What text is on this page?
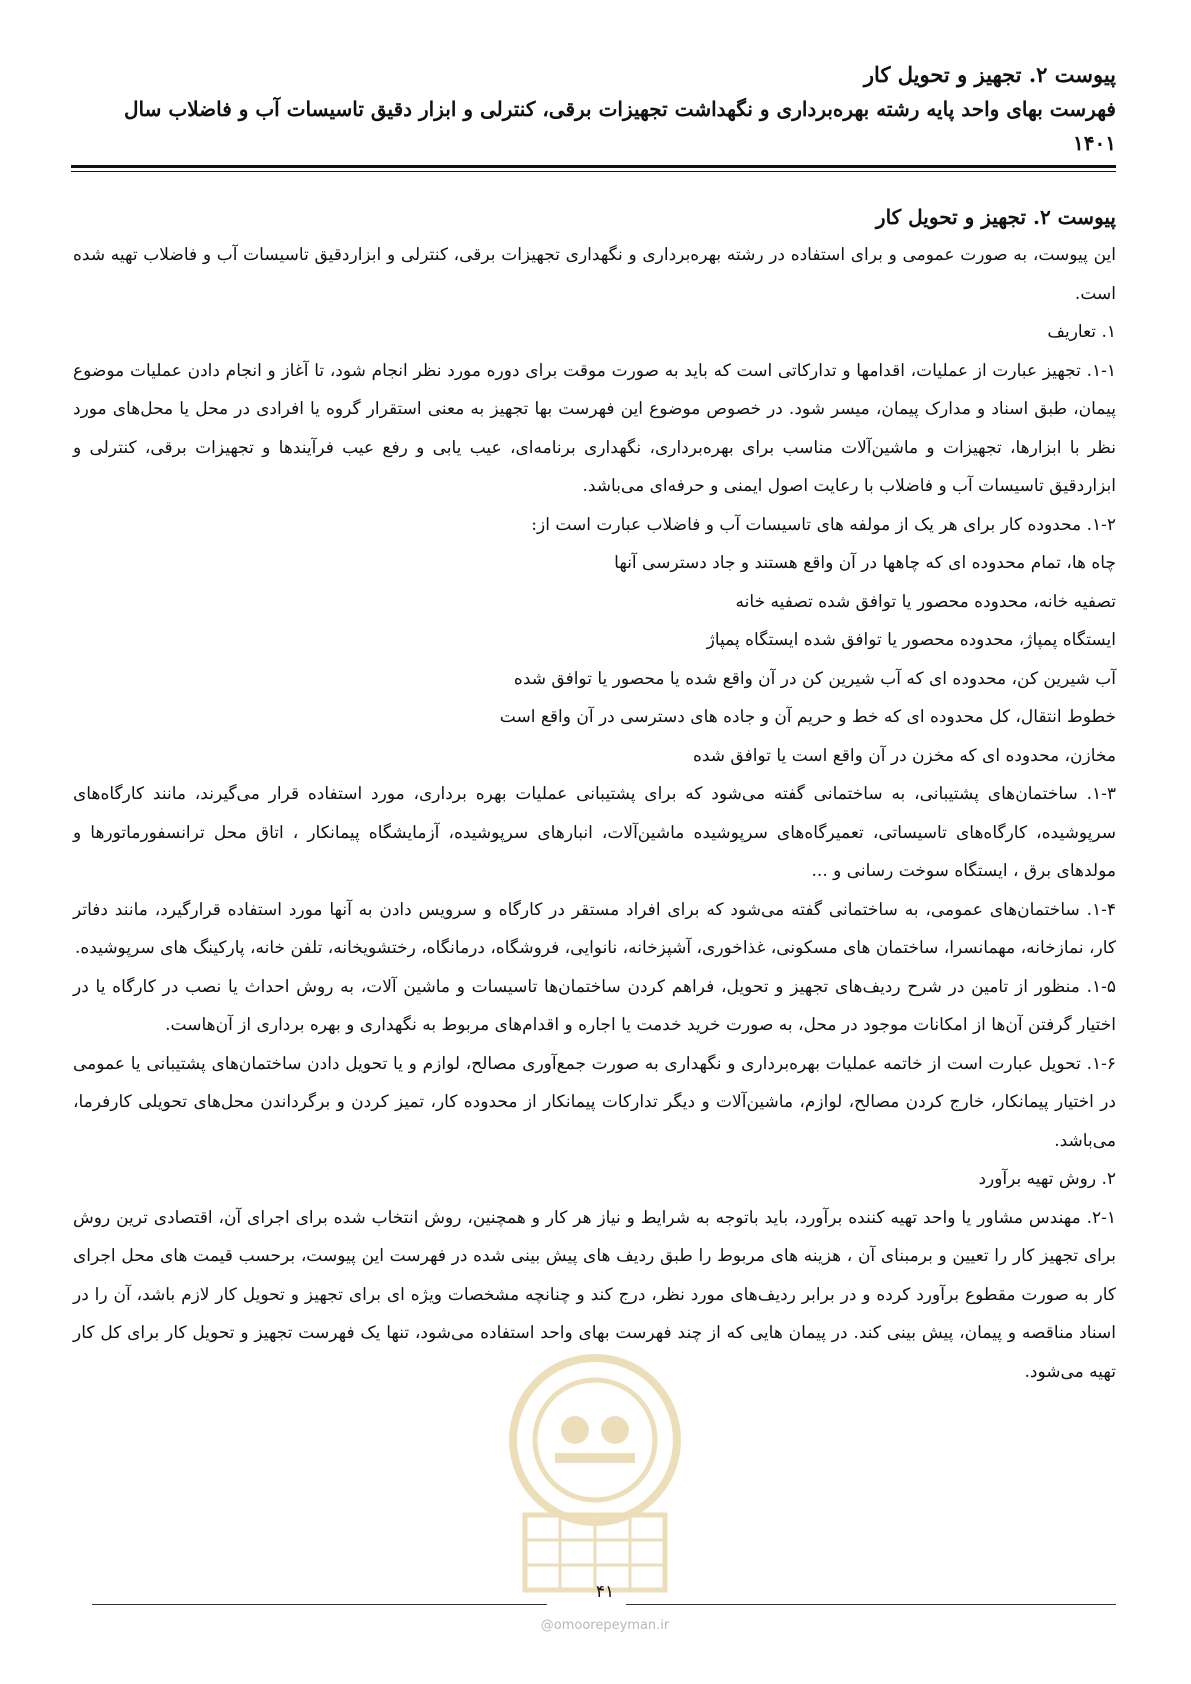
پیوست ۲. تجهیز و تحویل کار
فهرست بهای واحد پایه رشته بهره‌برداری و نگهداشت تجهیزات برقی، کنترلی و ابزار دقیق تاسیسات آب و فاضلاب سال
۱۴۰۱
پیوست ۲. تجهیز و تحویل کار

این پیوست، به صورت عمومی و برای استفاده در رشته بهره‌برداری و نگهداری تجهیزات برقی، کنترلی و ابزاردقیق تاسیسات آب و فاضلاب تهیه شده است.

۱. تعاریف

۱-۱. تجهیز عبارت از عملیات، اقدامها و تدارکاتی است که باید به صورت موقت برای دوره مورد نظر انجام شود، تا آغاز و انجام دادن عملیات موضوع پیمان، طبق اسناد و مدارک پیمان، میسر شود. در خصوص موضوع این فهرست بها تجهیز به معنی استقرار گروه یا افرادی در محل یا محل‌های مورد نظر با ابزارها، تجهیزات و ماشین‌آلات مناسب برای بهره‌برداری، نگهداری برنامه‌ای، عیب یابی و رفع عیب فرآیندها و تجهیزات برقی، کنترلی و ابزاردقیق تاسیسات آب و فاضلاب با رعایت اصول ایمنی و حرفه‌ای می‌باشد.

۱-۲. محدوده کار برای هر یک از مولفه های تاسیسات آب و فاضلاب عبارت است از:

چاه ها، تمام محدوده ای که چاهها در آن واقع هستند و جاد دسترسی آنها

تصفیه خانه، محدوده محصور یا توافق شده تصفیه خانه

ایستگاه پمپاژ، محدوده محصور یا توافق شده ایستگاه پمپاژ

آب شیرین کن، محدوده ای که آب شیرین کن در آن واقع شده یا محصور یا توافق شده

خطوط انتقال، کل محدوده ای که خط و حریم آن و جاده های دسترسی در آن واقع است

مخازن، محدوده ای که مخزن در آن واقع است یا توافق شده

۱-۳. ساختمان‌های پشتیبانی، به ساختمانی گفته می‌شود که برای پشتیبانی عملیات بهره برداری، مورد استفاده قرار می‌گیرند، مانند کارگاه‌های سرپوشیده، کارگاه‌های تاسیساتی، تعمیرگاه‌های سرپوشیده ماشین‌آلات، انبارهای سرپوشیده، آزمایشگاه پیمانکار ، اتاق محل ترانسفورماتورها و مولدهای برق ، ایستگاه سوخت رسانی و ...

۱-۴. ساختمان‌های عمومی، به ساختمانی گفته می‌شود که برای افراد مستقر در کارگاه و سرویس دادن به آنها مورد استفاده قرارگیرد، مانند دفاتر کار، نمازخانه، مهمانسرا، ساختمان های مسکونی، غذاخوری، آشپزخانه، نانوایی، فروشگاه، درمانگاه، رختشویخانه، تلفن خانه، پارکینگ های سرپوشیده.

۱-۵. منظور از تامین در شرح ردیف‌های تجهیز و تحویل، فراهم کردن ساختمان‌ها تاسیسات و ماشین آلات، به روش احداث یا نصب در کارگاه یا در اختیار گرفتن آن‌ها از امکانات موجود در محل، به صورت خرید خدمت یا اجاره و اقدام‌های مربوط به نگهداری و بهره برداری از آن‌هاست.

۱-۶. تحویل عبارت است از خاتمه عملیات بهره‌برداری و نگهداری به صورت جمع‌آوری مصالح، لوازم و یا تحویل دادن ساختمان‌های پشتیبانی یا عمومی در اختیار پیمانکار، خارج کردن مصالح، لوازم، ماشین‌آلات و دیگر تدارکات پیمانکار از محدوده کار، تمیز کردن و برگرداندن محل‌های تحویلی کارفرما، می‌باشد.

۲. روش تهیه برآورد

۲-۱. مهندس مشاور یا واحد تهیه کننده برآورد، باید باتوجه به شرایط و نیاز هر کار و همچنین، روش انتخاب شده برای اجرای آن، اقتصادی ترین روش برای تجهیز کار را تعیین و برمبنای آن ، هزینه های مربوط را طبق ردیف های پیش بینی شده در فهرست این پیوست، برحسب قیمت های محل اجرای کار به صورت مقطوع برآورد کرده و در برابر ردیف‌های مورد نظر، درج کند و چنانچه مشخصات ویژه ای برای تجهیز و تحویل کار لازم باشد، آن را در اسناد مناقصه و پیمان، پیش بینی کند. در پیمان هایی که از چند فهرست بهای واحد استفاده می‌شود، تنها یک فهرست تجهیز و تحویل کار برای کل کار تهیه می‌شود.

۴۱
@omoorepeyman.ir
